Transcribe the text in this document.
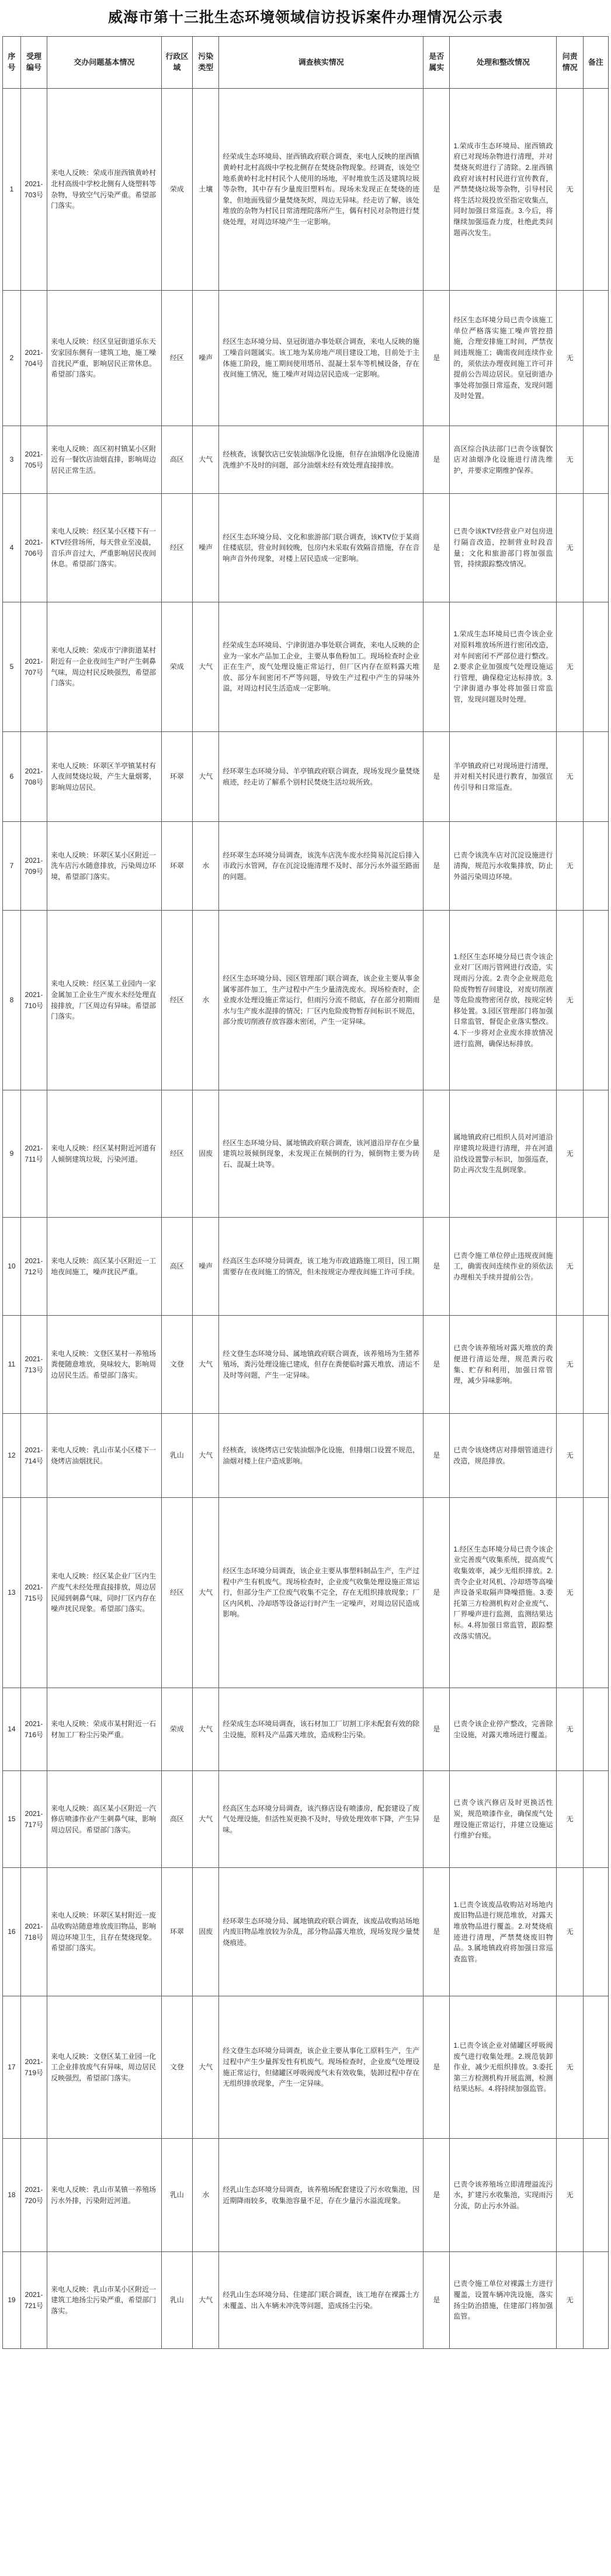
威海市第十三批生态环境领域信访投诉案件办理情况公示表
序号	受理编号	交办问题基本情况	行政区域	污染类型	调查核实情况	是否属实	处理和整改情况	问责情况	备注
1	2021-703号	来电人反映：荣成市崖西镇黄岭村北村高级中学校北侧有人烧塑料等杂物，导致空气污染严重。希望部门落实。	荣成	土壤	经荣成生态环境局、崖西镇政府联合调查，来电人反映的崖西镇黄岭村北村高级中学校北侧存在焚烧杂物现象。经调查，该处空地系黄岭村北村村民个人使用的场地，平时堆放生活及建筑垃圾等杂物，其中存有少量废旧塑料布。现场未发现正在焚烧的迹象，但地面残留少量焚烧灰烬，周边无异味。经走访了解，该处堆放的杂物为村民日常清理院落所产生，偶有村民对杂物进行焚烧处理，对周边环境产生一定影响。	是	1.荣成市生态环境局、崖西镇政府已对现场杂物进行清理，并对焚烧灰烬进行了清除。2.崖西镇政府对该村村民进行宣传教育，严禁焚烧垃圾等杂物，引导村民将生活垃圾投放至指定收集点，同时加强日常巡查。3.今后，将继续加强巡查力度，杜绝此类问题再次发生。	无	
2	2021-704号	来电人反映：经区皇冠街道乐东天安家园东侧有一建筑工地，施工噪音扰民严重，影响居民正常休息。希望部门落实。	经区	噪声	经区生态环境分局、皇冠街道办事处联合调查，来电人反映的施工噪音问题属实。该工地为某房地产项目建设工地，目前处于主体施工阶段，施工期间使用塔吊、混凝土泵车等机械设备，存在夜间施工情况，施工噪声对周边居民造成一定影响。	是	经区生态环境分局已责令该施工单位严格落实施工噪声管控措施，合理安排施工时间，严禁夜间违规施工；确需夜间连续作业的，须依法办理夜间施工许可并提前公告周边居民。皇冠街道办事处将加强日常巡查，发现问题及时处置。	无	
3	2021-705号	来电人反映：高区初村镇某小区附近有一餐饮店油烟直排，影响周边居民正常生活。	高区	大气	经核查，该餐饮店已安装油烟净化设施，但存在油烟净化设施清洗维护不及时的问题，部分油烟未经有效处理直接排放。	是	高区综合执法部门已责令该餐饮店对油烟净化设施进行清洗维护，并要求定期维护保养。	无	
4	2021-706号	来电人反映：经区某小区楼下有一KTV经营场所，每天营业至凌晨，音乐声音过大，严重影响居民夜间休息。希望部门落实。	经区	噪声	经区生态环境分局、文化和旅游部门联合调查，该KTV位于某商住楼底层，营业时间较晚，包房内未采取有效隔音措施，存在音响声音外传现象，对楼上居民造成一定影响。	是	已责令该KTV经营业户对包房进行隔音改造，控制营业时段音量；文化和旅游部门将加强监管，持续跟踪整改情况。	无	
5	2021-707号	来电人反映：荣成市宁津街道某村附近有一企业夜间生产时产生刺鼻气味，周边村民反映强烈，希望部门落实。	荣成	大气	经荣成生态环境局、宁津街道办事处联合调查，来电人反映的企业为一家水产品加工企业，主要从事鱼粉加工。现场检查时企业正在生产，废气处理设施正常运行，但厂区内存在原料露天堆放、部分车间密闭不严等问题，导致生产过程中产生的异味外溢，对周边村民生活造成一定影响。	是	1.荣成生态环境局已责令该企业对原料堆放场所进行密闭改造，对车间密闭不严部位进行整改。2.要求企业加强废气处理设施运行管理，确保稳定达标排放。3.宁津街道办事处将加强日常监管，发现问题及时处理。	无	
6	2021-708号	来电人反映：环翠区羊亭镇某村有人夜间焚烧垃圾，产生大量烟雾，影响周边居民。	环翠	大气	经环翠生态环境分局、羊亭镇政府联合调查，现场发现少量焚烧痕迹，经走访了解系个别村民焚烧生活垃圾所致。	是	羊亭镇政府已对现场进行清理，并对相关村民进行教育，加强宣传引导和日常巡查。	无	
7	2021-709号	来电人反映：环翠区某小区附近一洗车店污水随意排放，污染周边环境，希望部门落实。	环翠	水	经环翠生态环境分局调查，该洗车店洗车废水经简易沉淀后排入市政污水管网，存在沉淀设施清理不及时、部分污水外溢至路面的问题。	是	已责令该洗车店对沉淀设施进行清掏，规范污水收集排放，防止外溢污染周边环境。	无	
8	2021-710号	来电人反映：经区某工业园内一家金属加工企业生产废水未经处理直接排放，厂区周边有异味。希望部门落实。	经区	水	经区生态环境分局、园区管理部门联合调查，该企业主要从事金属零部件加工，生产过程中产生少量清洗废水。现场检查时，企业废水处理设施正常运行，但雨污分流不彻底，存在部分初期雨水与生产废水混排的情况；厂区内危险废物暂存间标识不规范，部分废切削液存放容器未密闭，产生一定异味。	是	1.经区生态环境分局已责令该企业对厂区雨污管网进行改造，实现雨污分流。2.责令企业规范危险废物暂存间建设，对废切削液等危险废物密闭存放，按规定转移处置。3.园区管理部门将加强日常监管，督促企业落实整改。4.下一步将对企业废水排放情况进行监测，确保达标排放。	无	
9	2021-711号	来电人反映：经区某村附近河道有人倾倒建筑垃圾，污染河道。	经区	固废	经区生态环境分局、属地镇政府联合调查，该河道沿岸存在少量建筑垃圾倾倒现象，未发现正在倾倒的行为，倾倒物主要为砖石、混凝土块等。	是	属地镇政府已组织人员对河道沿岸建筑垃圾进行清理，并在河道沿线设置警示标识，加强巡查，防止再次发生乱倒现象。	无	
10	2021-712号	来电人反映：高区某小区附近一工地夜间施工，噪声扰民严重。	高区	噪声	经高区生态环境分局调查，该工地为市政道路施工项目，因工期需要存在夜间施工的情况，但未按规定办理夜间施工许可手续。	是	已责令施工单位停止违规夜间施工，确需夜间连续作业的须依法办理相关手续并提前公告。	无	
11	2021-713号	来电人反映：文登区某村一养殖场粪便随意堆放，臭味较大，影响周边居民生活。希望部门落实。	文登	大气	经文登生态环境分局、属地镇政府联合调查，该养殖场为生猪养殖场，粪污处理设施已建成，但存在粪便临时露天堆放、清运不及时等问题，产生一定异味。	是	已责令该养殖场对露天堆放的粪便进行清运处理，规范粪污收集、贮存和利用，加强日常管理，减少异味影响。	无	
12	2021-714号	来电人反映：乳山市某小区楼下一烧烤店油烟扰民。	乳山	大气	经核查，该烧烤店已安装油烟净化设施，但排烟口设置不规范，油烟对楼上住户造成影响。	是	已责令该烧烤店对排烟管道进行改造，规范排放。	无	
13	2021-715号	来电人反映：经区某企业厂区内生产废气未经处理直接排放，周边居民闻到刺鼻气味，同时厂区内存在噪声扰民现象。希望部门落实。	经区	大气	经区生态环境分局调查，该企业主要从事塑料制品生产，生产过程中产生有机废气。现场检查时，企业废气收集处理设施正常运行，但部分生产工位废气收集不完全，存在无组织排放现象；厂区内风机、冷却塔等设备运行时产生一定噪声，对周边居民造成影响。	是	1.经区生态环境分局已责令该企业完善废气收集系统，提高废气收集效率，减少无组织排放。2.责令企业对风机、冷却塔等高噪声设备采取隔声降噪措施。3.委托第三方检测机构对企业废气、厂界噪声进行监测，监测结果达标。4.将加强日常监管，跟踪整改落实情况。	无	
14	2021-716号	来电人反映：荣成市某村附近一石材加工厂粉尘污染严重。	荣成	大气	经荣成生态环境局调查，该石材加工厂切割工序未配套有效的除尘设施，原料及产品露天堆放，造成粉尘污染。	是	已责令该企业停产整改，完善除尘设施，对露天堆场进行覆盖。	无	
15	2021-717号	来电人反映：高区某小区附近一汽修店喷漆作业产生刺鼻气味，影响周边居民。希望部门落实。	高区	大气	经高区生态环境分局调查，该汽修店设有喷漆房，配套建设了废气处理设施，但活性炭更换不及时，导致处理效率下降，产生异味。	是	已责令该汽修店及时更换活性炭，规范喷漆作业，确保废气处理设施正常运行，并建立设施运行维护台账。	无	
16	2021-718号	来电人反映：环翠区某村附近一废品收购站随意堆放废旧物品，影响周边环境卫生，且存在焚烧现象。希望部门落实。	环翠	固废	经环翠生态环境分局、属地镇政府联合调查，该废品收购站场地内废旧物品堆放较为杂乱，部分物品露天堆放，现场发现少量焚烧痕迹。	是	1.已责令该废品收购站对场地内废旧物品进行规范堆放，对露天堆放物品进行覆盖。2.对焚烧痕迹进行清理，严禁焚烧废旧物品。3.属地镇政府将加强日常巡查监管。	无	
17	2021-719号	来电人反映：文登区某工业园一化工企业排放废气有异味，周边居民反映强烈，希望部门落实。	文登	大气	经文登生态环境分局调查，该企业主要从事化工原料生产，生产过程中产生少量挥发性有机废气。现场检查时，企业废气处理设施正常运行，但储罐区呼吸阀废气未有效收集，装卸过程中存在无组织排放现象，产生一定异味。	是	1.已责令该企业对储罐区呼吸阀废气进行收集处理。2.规范装卸作业，减少无组织排放。3.委托第三方检测机构开展监测，检测结果达标。4.将持续加强监管。	无	
18	2021-720号	来电人反映：乳山市某镇一养殖场污水外排，污染附近河道。	乳山	水	经乳山生态环境分局调查，该养殖场配套建设了污水收集池，因近期降雨较多，收集池容量不足，存在少量污水溢流现象。	是	已责令该养殖场立即清理溢流污水，扩建污水收集池，实现雨污分流，防止污水外溢。	无	
19	2021-721号	来电人反映：乳山市某小区附近一建筑工地扬尘污染严重，希望部门落实。	乳山	大气	经乳山生态环境分局、住建部门联合调查，该工地存在裸露土方未覆盖、出入车辆未冲洗等问题，造成扬尘污染。	是	已责令施工单位对裸露土方进行覆盖，设置车辆冲洗设施，落实扬尘防治措施，住建部门将加强监管。	无	
